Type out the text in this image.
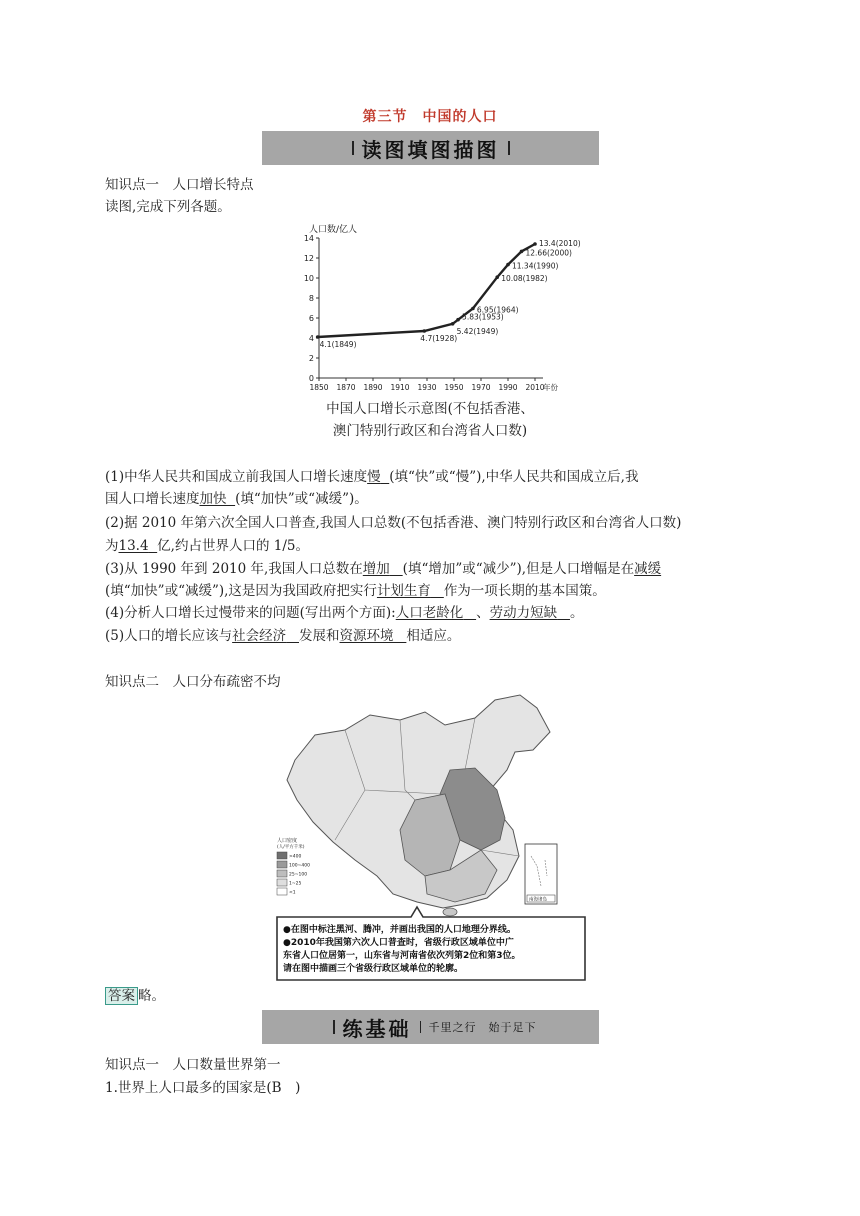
第三节　中国的人口
读图填图描图
知识点一　人口增长特点
读图,完成下列各题。
人口数/亿人
0
2
4
6
8
10
12
14
1850 1870 1890 1910 1930 1950 1970 1990 2010
年份
4.1(1849)
4.7(1928)
5.42(1949)
5.83(1953)
6.95(1964)
10.08(1982)
11.34(1990)
12.66(2000)
13.4(2010)
中国人口增长示意图(不包括香港、
澳门特别行政区和台湾省人口数)
(1)中华人民共和国成立前我国人口增长速度慢 (填“快”或“慢”),中华人民共和国成立后,我
国人口增长速度加快 (填“加快”或“减缓”)。
(2)据 2010 年第六次全国人口普查,我国人口总数(不包括香港、澳门特别行政区和台湾省人口数)
为13.4 亿,约占世界人口的 1/5。
(3)从 1990 年到 2010 年,我国人口总数在增加 (填“增加”或“减少”),但是人口增幅是在减缓
(填“加快”或“减缓”),这是因为我国政府把实行计划生育 作为一项长期的基本国策。
(4)分析人口增长过慢带来的问题(写出两个方面):人口老龄化 、劳动力短缺 。
(5)人口的增长应该与社会经济 发展和资源环境 相适应。
知识点二　人口分布疏密不均
人口密度
(人/平方千米)
>400
100~400
25~100
1~25
<1
南海诸岛
●在图中标注黑河、腾冲，并画出我国的人口地理分界线。
●2010年我国第六次人口普查时，省级行政区域单位中广
东省人口位居第一，山东省与河南省依次列第2位和第3位。
请在图中描画三个省级行政区域单位的轮廓。
答案 略。
练基础 千里之行　始于足下
知识点一　人口数量世界第一
1.世界上人口最多的国家是(B　)
